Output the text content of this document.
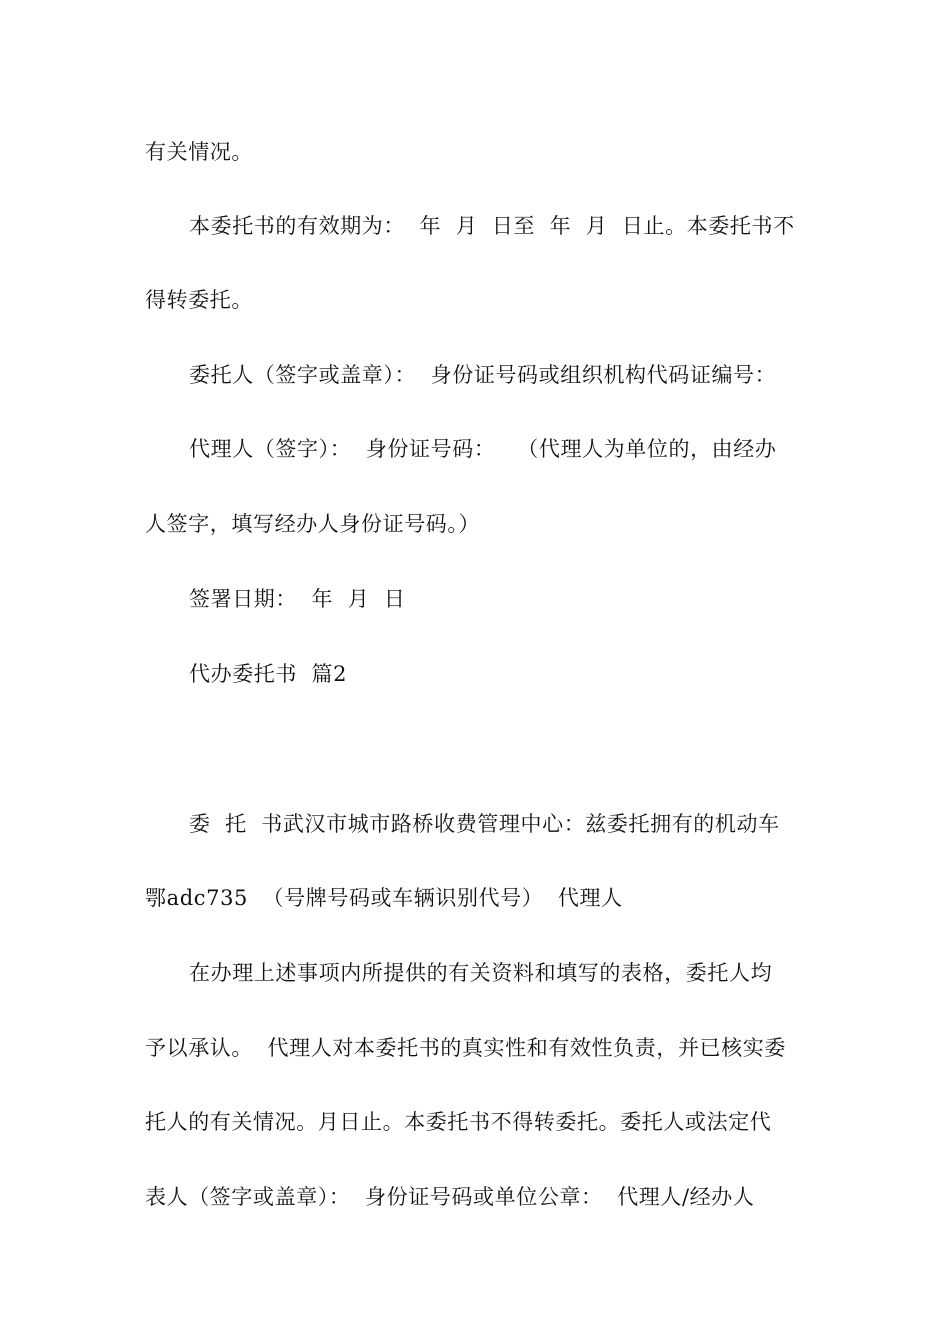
有关情况。
本委托书的有效期为：  年  月  日至  年  月  日止。本委托书不
得转委托。
委托人（签字或盖章）：  身份证号码或组织机构代码证编号：
代理人（签字）：  身份证号码：   （代理人为单位的，由经办
人签字，填写经办人身份证号码。）
签署日期：  年  月  日
代办委托书  篇2
委  托  书武汉市城市路桥收费管理中心：兹委托拥有的机动车
鄂adc735  （号牌号码或车辆识别代号）  代理人
在办理上述事项内所提供的有关资料和填写的表格，委托人均
予以承认。  代理人对本委托书的真实性和有效性负责，并已核实委
托人的有关情况。月日止。本委托书不得转委托。委托人或法定代
表人（签字或盖章）：  身份证号码或单位公章：  代理人/经办人
